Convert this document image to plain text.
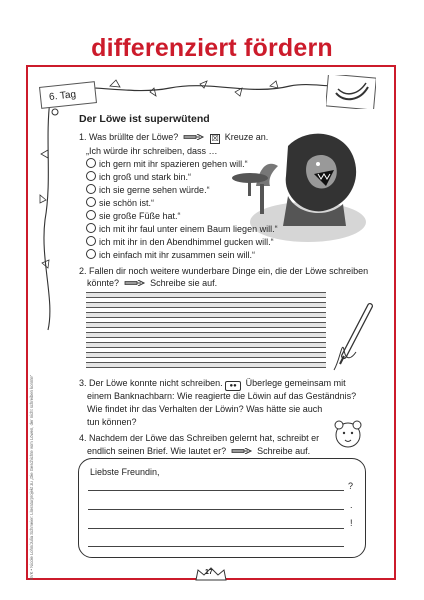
differenziert fördern
6. Tag
BVK • Nicole Lohn/Julia Schmeier: Literaturprojekt zu „Die Geschichte vom Löwen, der nicht schreiben konnte“
Der Löwe ist superwütend
1. Was brüllte der Löwe?	☒ Kreuze an.
„Ich würde ihr schreiben, dass …
ich gern mit ihr spazieren gehen will.“
ich groß und stark bin.“
ich sie gerne sehen würde.“
sie schön ist.“
sie große Füße hat.“
ich mit ihr faul unter einem Baum liegen will.“
ich mit ihr in den Abendhimmel gucken will.“
ich einfach mit ihr zusammen sein will.“
2. Fallen dir noch weitere wunderbare Dinge ein, die der Löwe schreiben
könnte?	Schreibe sie auf.
3. Der Löwe konnte nicht schreiben. ●● Überlege gemeinsam mit
einem Banknachbarn: Wie reagierte die Löwin auf das Geständnis?
Wie findet ihr das Verhalten der Löwin? Was hätte sie auch
tun können?
4. Nachdem der Löwe das Schreiben gelernt hat, schreibt er
endlich seinen Brief. Wie lautet er?	Schreibe auf.
Liebste Freundin,
?
.
!
17
